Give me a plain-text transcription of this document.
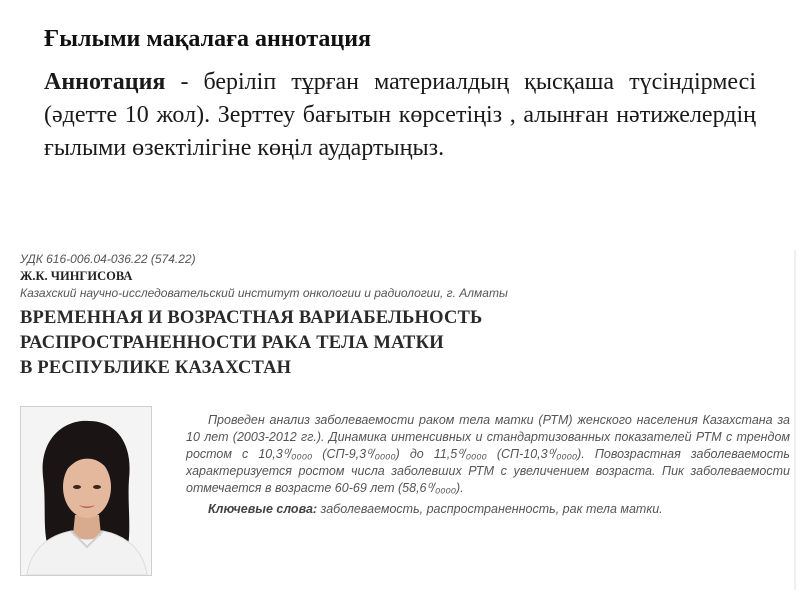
Ғылыми мақалаға аннотация

Аннотация - беріліп тұрған материалдың қысқаша түсіндірмесі (әдетте 10 жол). Зерттеу бағытын көрсетіңіз , алынған нәтижелердің ғылыми өзектілігіне көңіл аудартыңыз.

УДК 616-006.04-036.22 (574.22)
Ж.К. ЧИНГИСОВА
Казахский научно-исследовательский институт онкологии и радиологии, г. Алматы
ВРЕМЕННАЯ И ВОЗРАСТНАЯ ВАРИАБЕЛЬНОСТЬ
РАСПРОСТРАНЕННОСТИ РАКА ТЕЛА МАТКИ
В РЕСПУБЛИКЕ КАЗАХСТАН

Проведен анализ заболеваемости раком тела матки (РТМ) женского населения Казахстана за 10 лет (2003-2012 гг.). Динамика интенсивных и стандартизованных показателей РТМ с трендом ростом с 10,3⁰/₀₀₀₀ (СП-9,3⁰/₀₀₀₀) до 11,5⁰/₀₀₀₀ (СП-10,3⁰/₀₀₀₀). Повозрастная заболеваемость характеризуется ростом числа заболевших РТМ с увеличением возраста. Пик заболеваемости отмечается в возрасте 60-69 лет (58,6⁰/₀₀₀₀).

Ключевые слова: заболеваемость, распространенность, рак тела матки.
